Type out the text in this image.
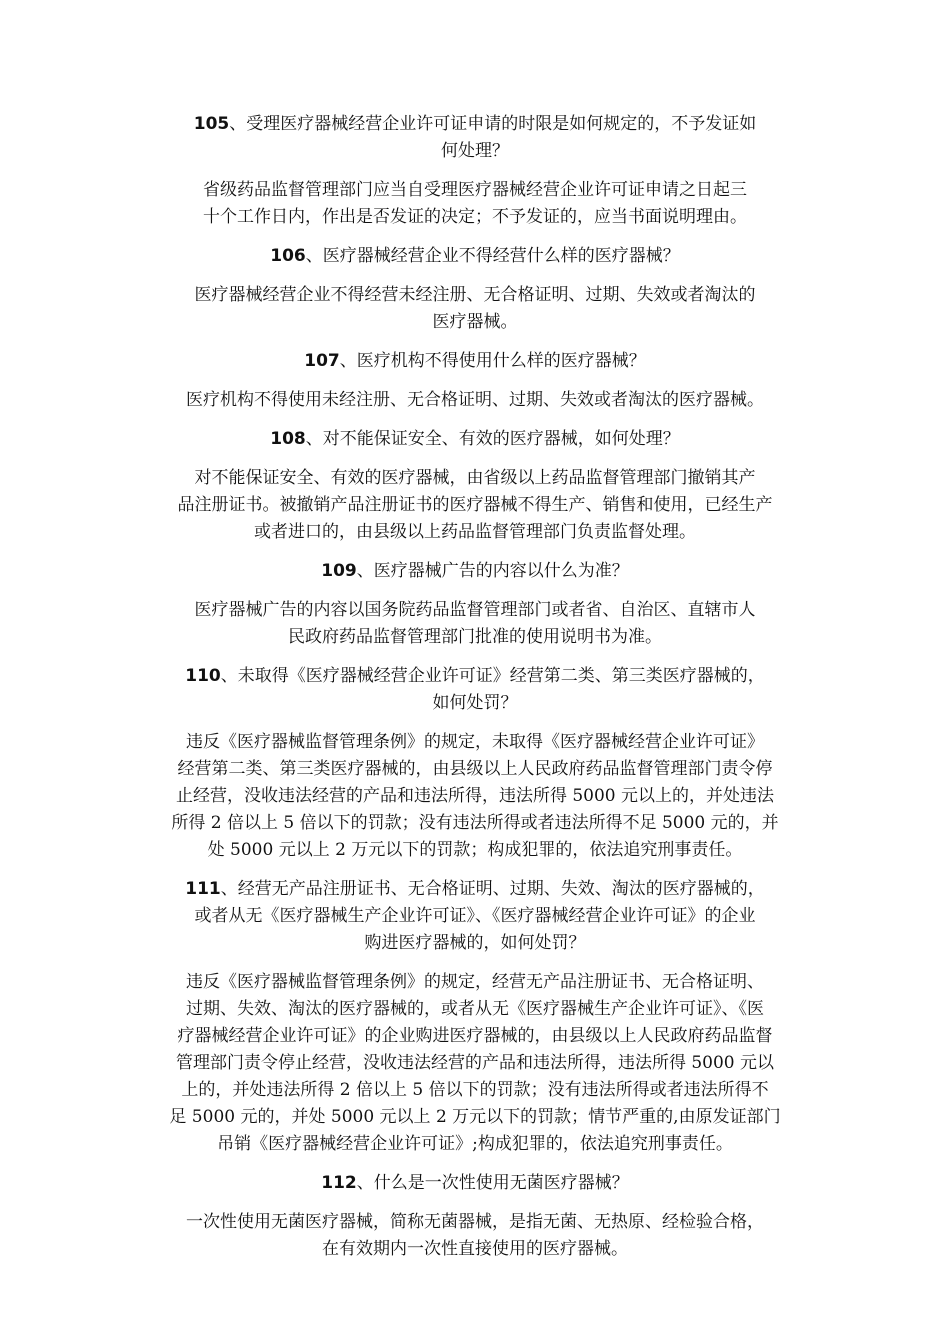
105、受理医疗器械经营企业许可证申请的时限是如何规定的，不予发证如
何处理？
省级药品监督管理部门应当自受理医疗器械经营企业许可证申请之日起三
十个工作日内，作出是否发证的决定；不予发证的，应当书面说明理由。
106、医疗器械经营企业不得经营什么样的医疗器械？
医疗器械经营企业不得经营未经注册、无合格证明、过期、失效或者淘汰的
医疗器械。
107、医疗机构不得使用什么样的医疗器械？
医疗机构不得使用未经注册、无合格证明、过期、失效或者淘汰的医疗器械。
108、对不能保证安全、有效的医疗器械，如何处理？
对不能保证安全、有效的医疗器械，由省级以上药品监督管理部门撤销其产
品注册证书。被撤销产品注册证书的医疗器械不得生产、销售和使用，已经生产
或者进口的，由县级以上药品监督管理部门负责监督处理。
109、医疗器械广告的内容以什么为准？
医疗器械广告的内容以国务院药品监督管理部门或者省、自治区、直辖市人
民政府药品监督管理部门批准的使用说明书为准。
110、未取得《医疗器械经营企业许可证》经营第二类、第三类医疗器械的，
如何处罚？
违反《医疗器械监督管理条例》的规定，未取得《医疗器械经营企业许可证》
经营第二类、第三类医疗器械的，由县级以上人民政府药品监督管理部门责令停
止经营，没收违法经营的产品和违法所得，违法所得 5000 元以上的，并处违法
所得 2 倍以上 5 倍以下的罚款；没有违法所得或者违法所得不足 5000 元的，并
处 5000 元以上 2 万元以下的罚款；构成犯罪的，依法追究刑事责任。
111、经营无产品注册证书、无合格证明、过期、失效、淘汰的医疗器械的，
或者从无《医疗器械生产企业许可证》、《医疗器械经营企业许可证》的企业
购进医疗器械的，如何处罚？
违反《医疗器械监督管理条例》的规定，经营无产品注册证书、无合格证明、
过期、失效、淘汰的医疗器械的，或者从无《医疗器械生产企业许可证》、《医
疗器械经营企业许可证》的企业购进医疗器械的，由县级以上人民政府药品监督
管理部门责令停止经营，没收违法经营的产品和违法所得，违法所得 5000 元以
上的，并处违法所得 2 倍以上 5 倍以下的罚款；没有违法所得或者违法所得不
足 5000 元的，并处 5000 元以上 2 万元以下的罚款；情节严重的,由原发证部门
吊销《医疗器械经营企业许可证》;构成犯罪的，依法追究刑事责任。
112、什么是一次性使用无菌医疗器械？
一次性使用无菌医疗器械，简称无菌器械，是指无菌、无热原、经检验合格，
在有效期内一次性直接使用的医疗器械。
